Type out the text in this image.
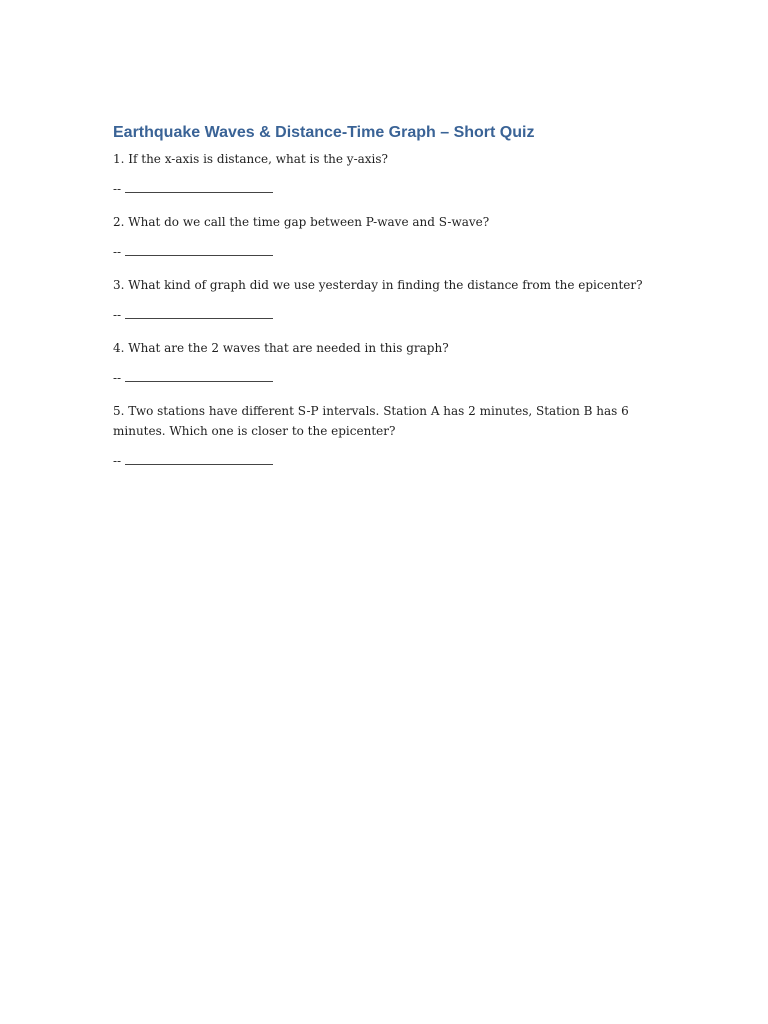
Earthquake Waves & Distance-Time Graph – Short Quiz

1. If the x-axis is distance, what is the y-axis?

--

2. What do we call the time gap between P-wave and S-wave?

--

3. What kind of graph did we use yesterday in finding the distance from the epicenter?

--

4. What are the 2 waves that are needed in this graph?

--

5. Two stations have different S-P intervals. Station A has 2 minutes, Station B has 6 minutes. Which one is closer to the epicenter?

--
